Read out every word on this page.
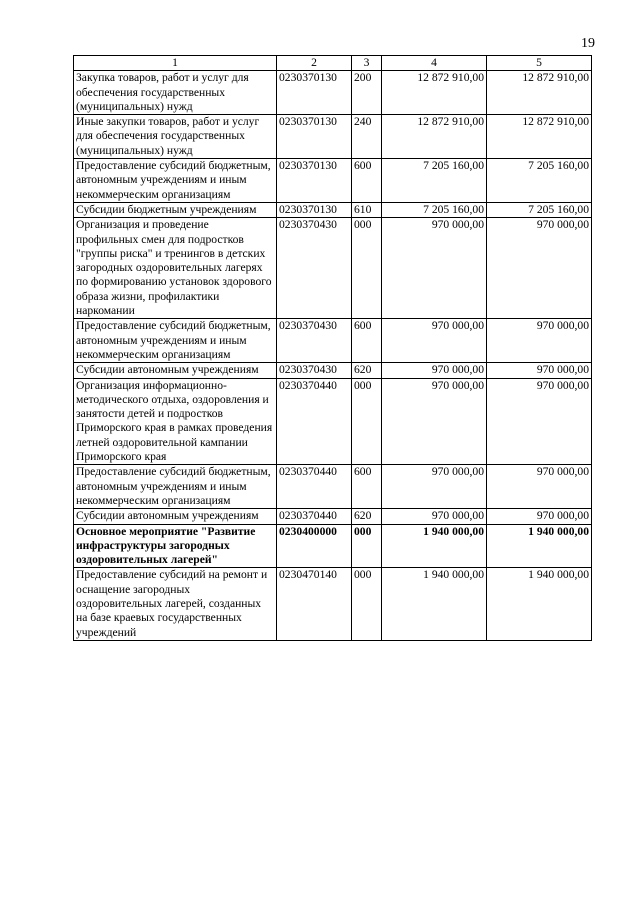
19
1	2	3	4	5
Закупка товаров, работ и услуг для обеспечения государственных (муниципальных) нужд	0230370130	200	12 872 910,00	12 872 910,00
Иные закупки товаров, работ и услуг для обеспечения государственных (муниципальных) нужд	0230370130	240	12 872 910,00	12 872 910,00
Предоставление субсидий бюджетным, автономным учреждениям и иным некоммерческим организациям	0230370130	600	7 205 160,00	7 205 160,00
Субсидии бюджетным учреждениям	0230370130	610	7 205 160,00	7 205 160,00
Организация и проведение профильных смен для подростков "группы риска" и тренингов в детских загородных оздоровительных лагерях по формированию установок здорового образа жизни, профилактики наркомании	0230370430	000	970 000,00	970 000,00
Предоставление субсидий бюджетным, автономным учреждениям и иным некоммерческим организациям	0230370430	600	970 000,00	970 000,00
Субсидии автономным учреждениям	0230370430	620	970 000,00	970 000,00
Организация информационно-методического отдыха, оздоровления и занятости детей и подростков Приморского края в рамках проведения летней оздоровительной кампании Приморского края	0230370440	000	970 000,00	970 000,00
Предоставление субсидий бюджетным, автономным учреждениям и иным некоммерческим организациям	0230370440	600	970 000,00	970 000,00
Субсидии автономным учреждениям	0230370440	620	970 000,00	970 000,00
Основное мероприятие "Развитие инфраструктуры загородных оздоровительных лагерей"	0230400000	000	1 940 000,00	1 940 000,00
Предоставление субсидий на ремонт и оснащение загородных оздоровительных лагерей, созданных на базе краевых государственных учреждений	0230470140	000	1 940 000,00	1 940 000,00
